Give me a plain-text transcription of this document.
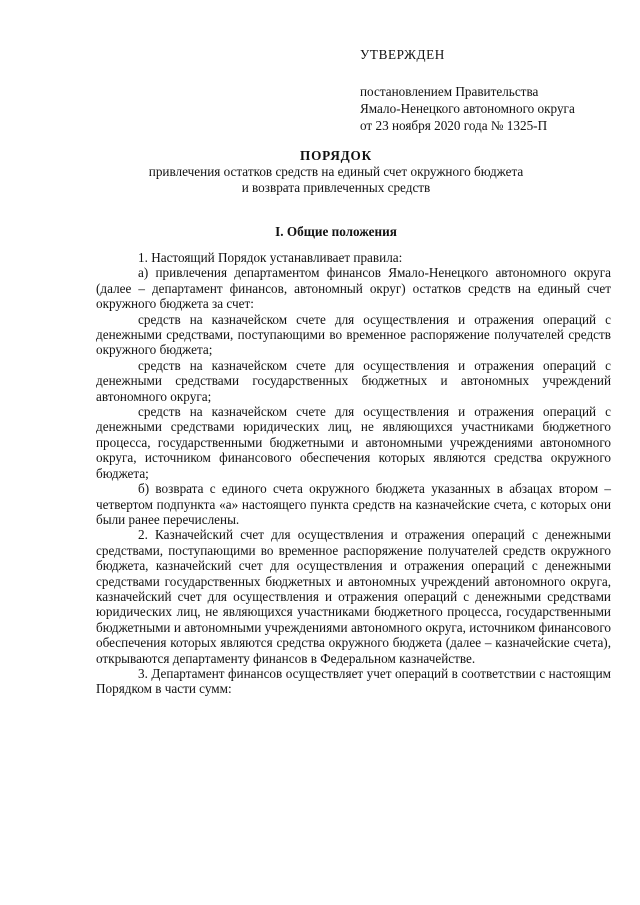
УТВЕРЖДЕН
постановлением Правительства
Ямало-Ненецкого автономного округа
от 23 ноября 2020 года № 1325-П
ПОРЯДОК
привлечения остатков средств на единый счет окружного бюджета
и возврата привлеченных средств
I. Общие положения

1. Настоящий Порядок устанавливает правила:

а) привлечения департаментом финансов Ямало-Ненецкого автономного округа (далее – департамент финансов, автономный округ) остатков средств на единый счет окружного бюджета за счет:

средств на казначейском счете для осуществления и отражения операций с денежными средствами, поступающими во временное распоряжение получателей средств окружного бюджета;

средств на казначейском счете для осуществления и отражения операций с денежными средствами государственных бюджетных и автономных учреждений автономного округа;

средств на казначейском счете для осуществления и отражения операций с денежными средствами юридических лиц, не являющихся участниками бюджетного процесса, государственными бюджетными и автономными учреждениями автономного округа, источником финансового обеспечения которых являются средства окружного бюджета;

б) возврата с единого счета окружного бюджета указанных в абзацах втором – четвертом подпункта «а» настоящего пункта средств на казначейские счета, с которых они были ранее перечислены.

2. Казначейский счет для осуществления и отражения операций с денежными средствами, поступающими во временное распоряжение получателей средств окружного бюджета, казначейский счет для осуществления и отражения операций с денежными средствами государственных бюджетных и автономных учреждений автономного округа, казначейский счет для осуществления и отражения операций с денежными средствами юридических лиц, не являющихся участниками бюджетного процесса, государственными бюджетными и автономными учреждениями автономного округа, источником финансового обеспечения которых являются средства окружного бюджета (далее – казначейские счета), открываются департаменту финансов в Федеральном казначействе.

3. Департамент финансов осуществляет учет операций в соответствии с настоящим Порядком в части сумм:
